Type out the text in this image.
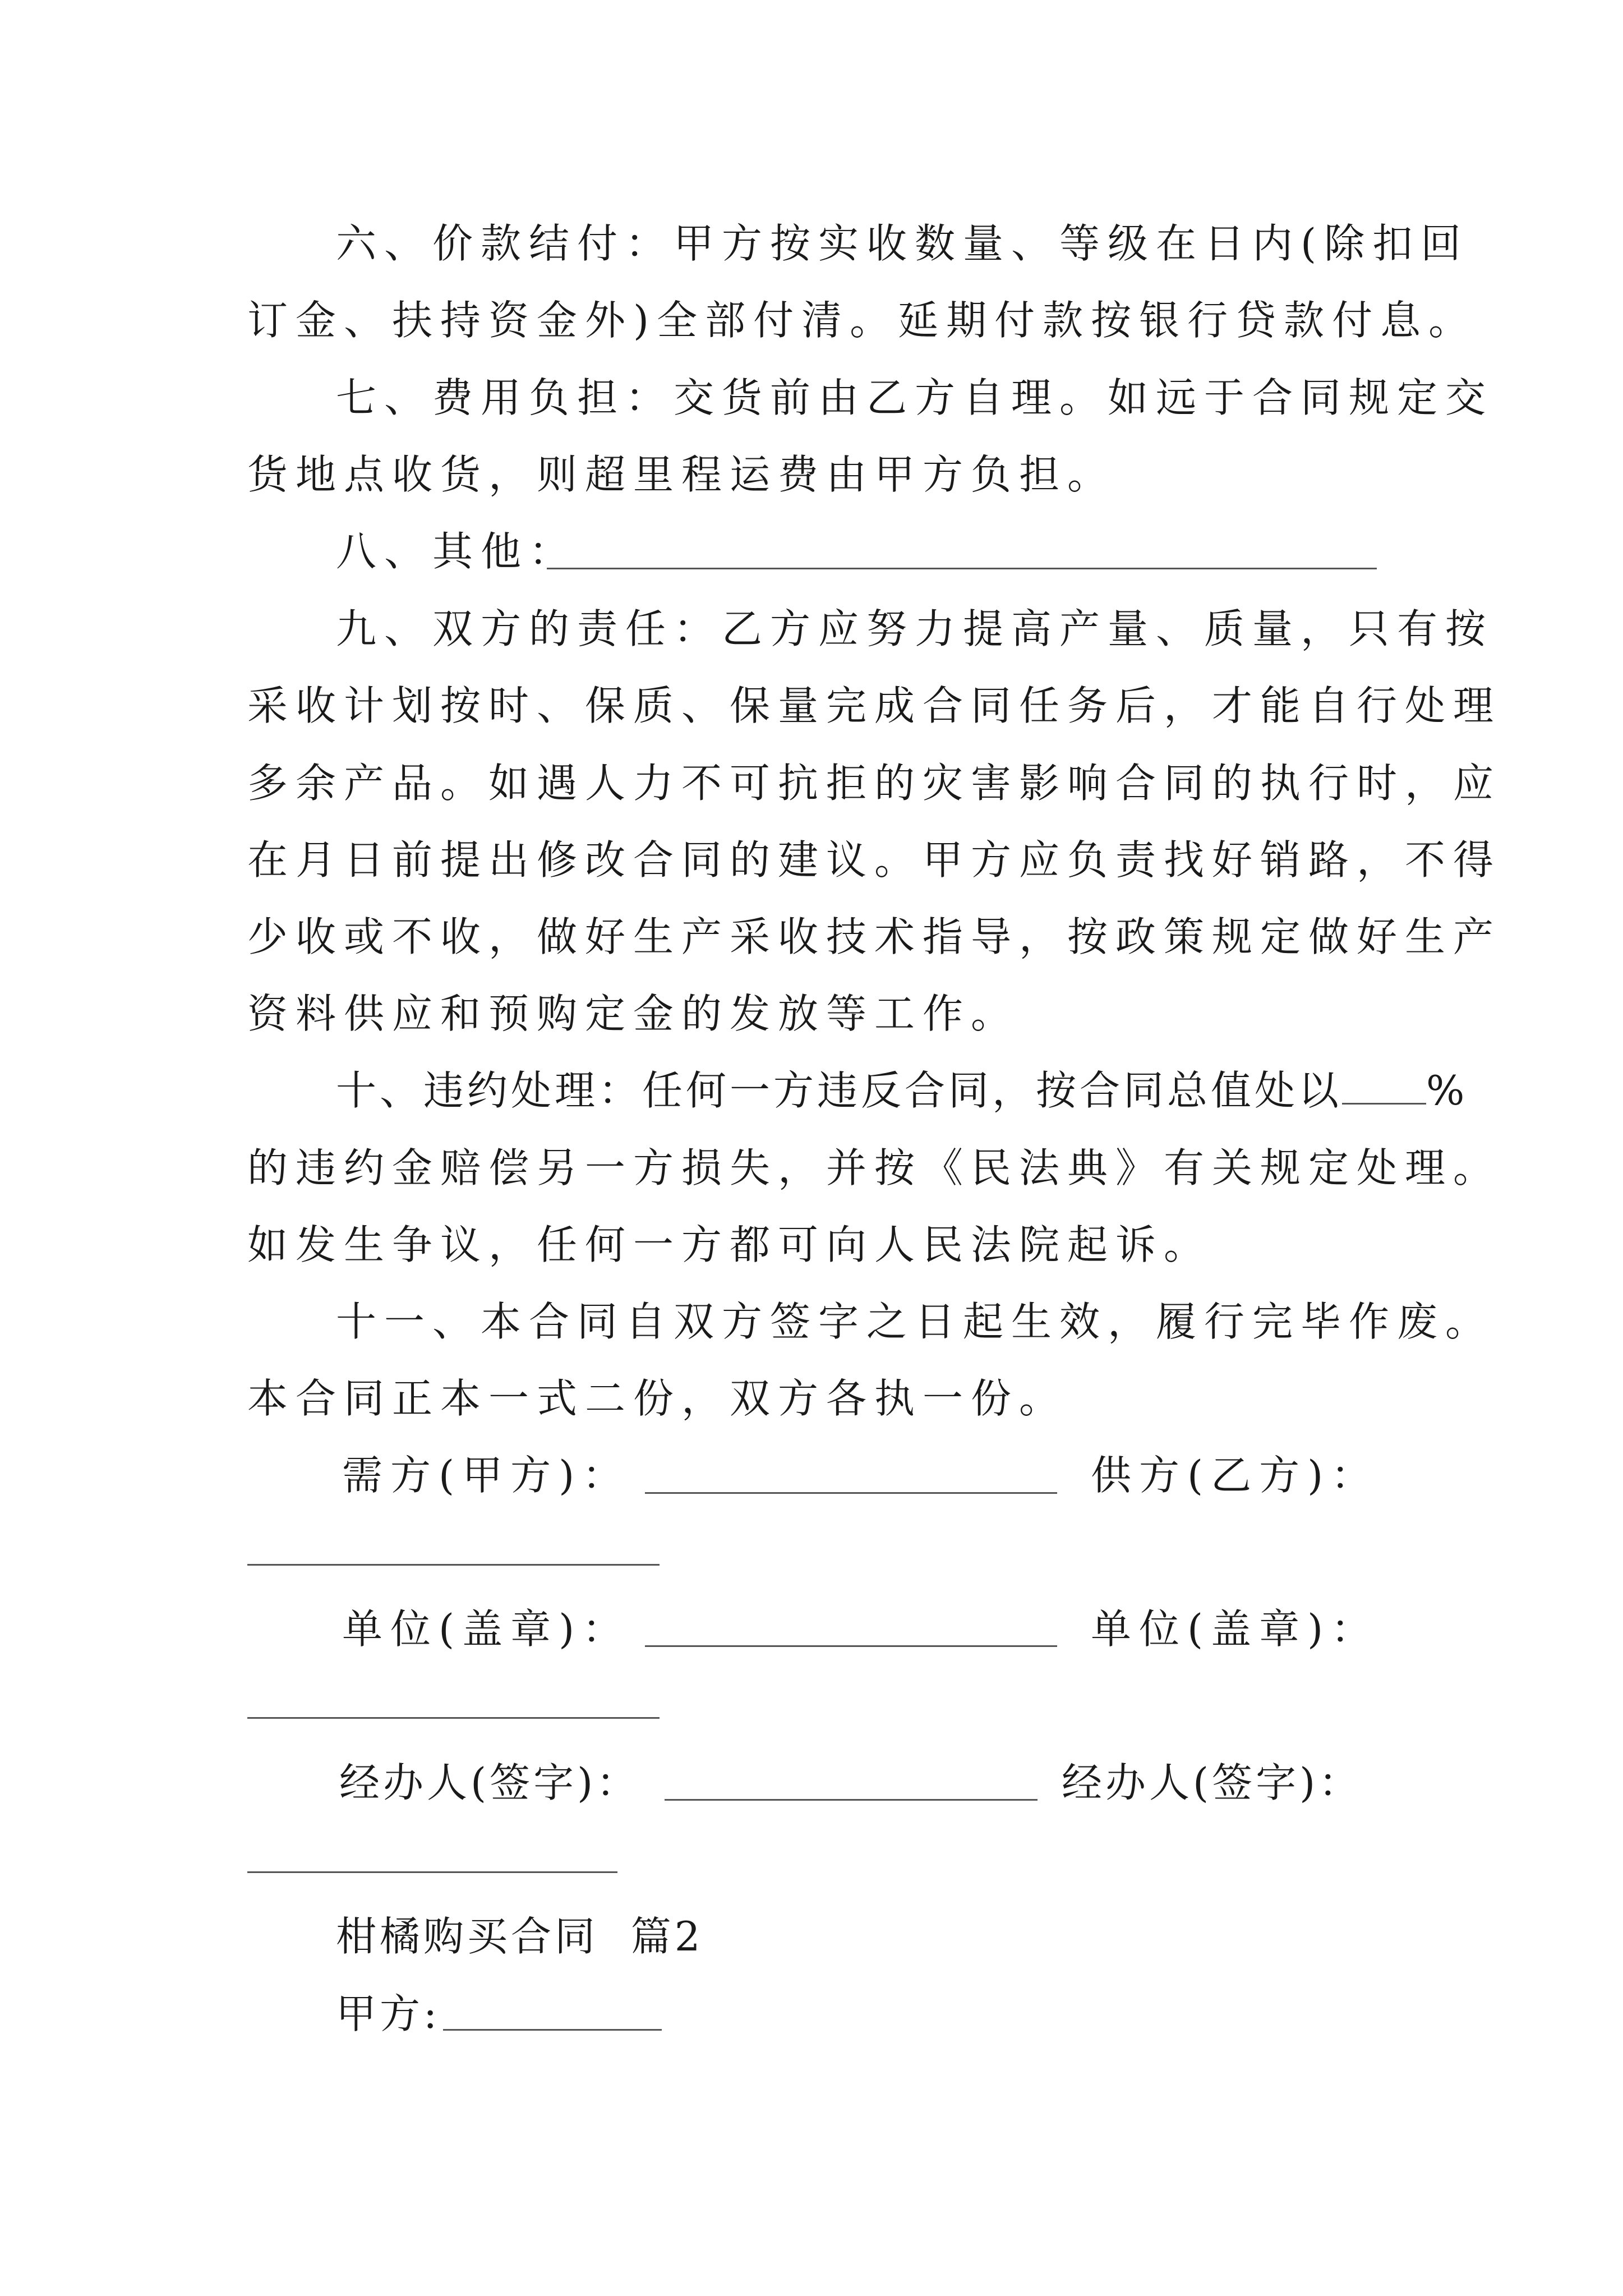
六、价款结付：甲方按实收数量、等级在日内(除扣回
订金、扶持资金外)全部付清。延期付款按银行贷款付息。
七、费用负担：交货前由乙方自理。如远于合同规定交
货地点收货，则超里程运费由甲方负担。
八、其他：
九、双方的责任：乙方应努力提高产量、质量，只有按
采收计划按时、保质、保量完成合同任务后，才能自行处理
多余产品。如遇人力不可抗拒的灾害影响合同的执行时，应
在月日前提出修改合同的建议。甲方应负责找好销路，不得
少收或不收，做好生产采收技术指导，按政策规定做好生产
资料供应和预购定金的发放等工作。
十、违约处理：任何一方违反合同，按合同总值处以 %
的违约金赔偿另一方损失，并按《民法典》有关规定处理。
如发生争议，任何一方都可向人民法院起诉。
十一、本合同自双方签字之日起生效，履行完毕作废。
本合同正本一式二份，双方各执一份。
需方(甲方)：	供方(乙方)：
单位(盖章)：	单位(盖章)：
经办人(签字)：	经办人(签字)：
柑橘购买合同  篇2
甲方:
